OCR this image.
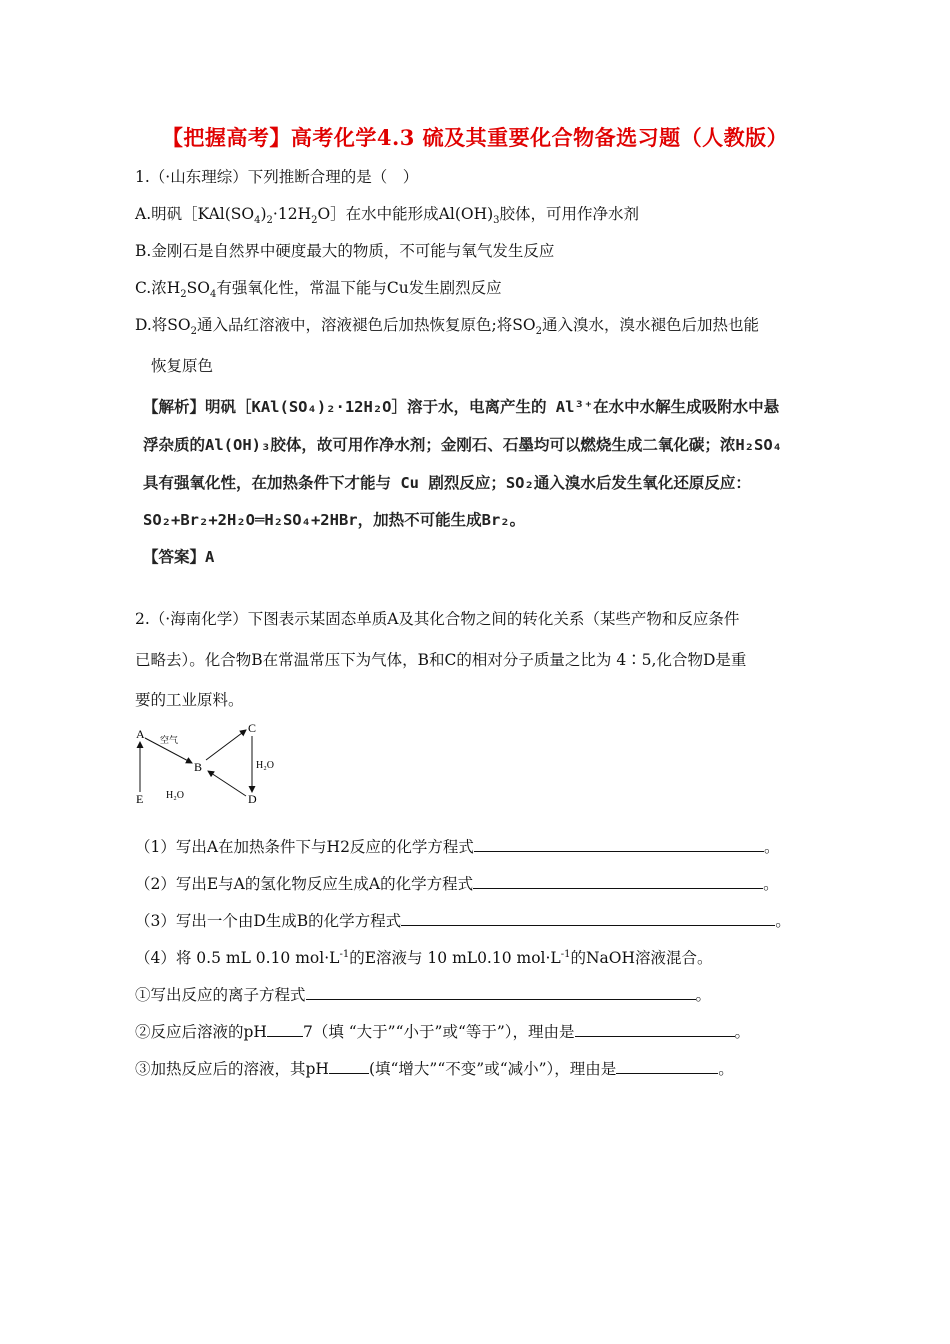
【把握高考】高考化学4.3 硫及其重要化合物备选习题（人教版）
1.（·山东理综）下列推断合理的是（　）
A.明矾$[KAl(SO_4)_2\cdot 12H_2O]$在水中能形成$Al(OH)_3$胶体，可用作净水剂
B.金刚石是自然界中硬度最大的物质，不可能与氧气发生反应
C.浓$H_2SO_4$有强氧化性，常温下能与Cu发生剧烈反应
D.将$SO_2$通入品红溶液中，溶液褪色后加热恢复原色;将$SO_2$通入溴水，溴水褪色后加热也能
恢复原色
【解析】明矾［KAl(SO₄)₂·12H₂O］溶于水，电离产生的 Al³⁺在水中水解生成吸附水中悬
浮杂质的Al(OH)₃胶体，故可用作净水剂；金刚石、石墨均可以燃烧生成二氧化碳；浓H₂SO₄
具有强氧化性，在加热条件下才能与 Cu 剧烈反应；SO₂通入溴水后发生氧化还原反应：
SO₂+Br₂+2H₂O═H₂SO₄+2HBr，加热不可能生成Br₂。
【答案】A
2.（·海南化学）下图表示某固态单质A及其化合物之间的转化关系（某些产物和反应条件
已略去）。化合物B在常温常压下为气体，B和C的相对分子质量之比为 4∶5,化合物D是重
要的工业原料。
A
B
C
D
E
空气
H₂O
H₂O
（1）写出A在加热条件下与H2反应的化学方程式	。
（2）写出E与A的氢化物反应生成A的化学方程式	。
（3）写出一个由D生成B的化学方程式	。
（4）将 0.5 mL 0.10 $mol\cdot L^{-1}$的E溶液与 10 mL0.10 $mol\cdot L^{-1}$的NaOH溶液混合。
①写出反应的离子方程式	。
②反应后溶液的pH 7（填 “大于”“小于”或“等于”），理由是	。
③加热反应后的溶液，其pH	(填“增大”“不变”或“减小”），理由是	。
